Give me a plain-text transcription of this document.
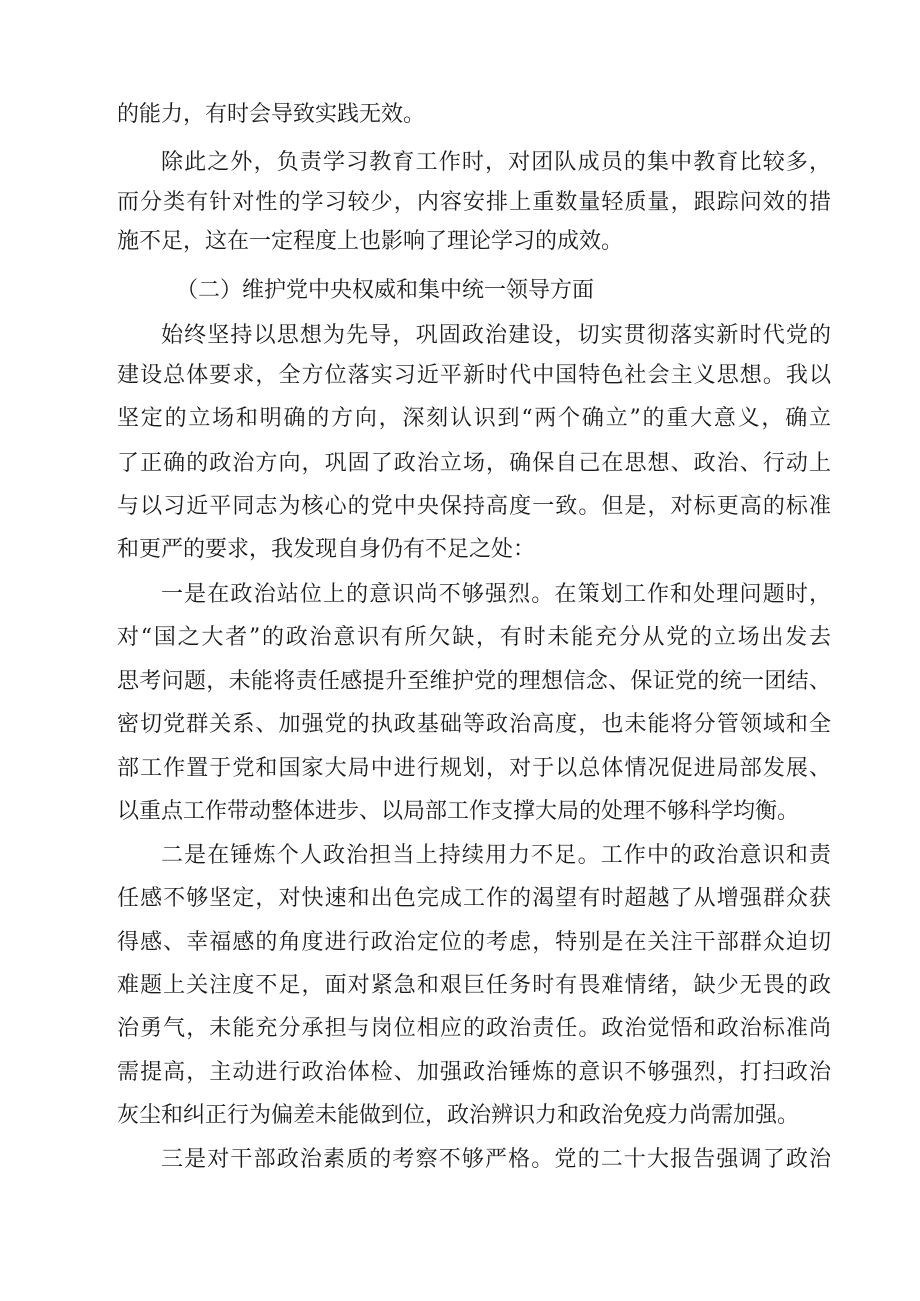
的能力，有时会导致实践无效。
除此之外，负责学习教育工作时，对团队成员的集中教育比较多，
而分类有针对性的学习较少，内容安排上重数量轻质量，跟踪问效的措
施不足，这在一定程度上也影响了理论学习的成效。
（二）维护党中央权威和集中统一领导方面
始终坚持以思想为先导，巩固政治建设，切实贯彻落实新时代党的
建设总体要求，全方位落实习近平新时代中国特色社会主义思想。我以
坚定的立场和明确的方向，深刻认识到“两个确立”的重大意义，确立
了正确的政治方向，巩固了政治立场，确保自己在思想、政治、行动上
与以习近平同志为核心的党中央保持高度一致。但是，对标更高的标准
和更严的要求，我发现自身仍有不足之处：
一是在政治站位上的意识尚不够强烈。在策划工作和处理问题时，
对“国之大者”的政治意识有所欠缺，有时未能充分从党的立场出发去
思考问题，未能将责任感提升至维护党的理想信念、保证党的统一团结、
密切党群关系、加强党的执政基础等政治高度，也未能将分管领域和全
部工作置于党和国家大局中进行规划，对于以总体情况促进局部发展、
以重点工作带动整体进步、以局部工作支撑大局的处理不够科学均衡。
二是在锤炼个人政治担当上持续用力不足。工作中的政治意识和责
任感不够坚定，对快速和出色完成工作的渴望有时超越了从增强群众获
得感、幸福感的角度进行政治定位的考虑，特别是在关注干部群众迫切
难题上关注度不足，面对紧急和艰巨任务时有畏难情绪，缺少无畏的政
治勇气，未能充分承担与岗位相应的政治责任。政治觉悟和政治标准尚
需提高，主动进行政治体检、加强政治锤炼的意识不够强烈，打扫政治
灰尘和纠正行为偏差未能做到位，政治辨识力和政治免疫力尚需加强。
三是对干部政治素质的考察不够严格。党的二十大报告强调了政治
